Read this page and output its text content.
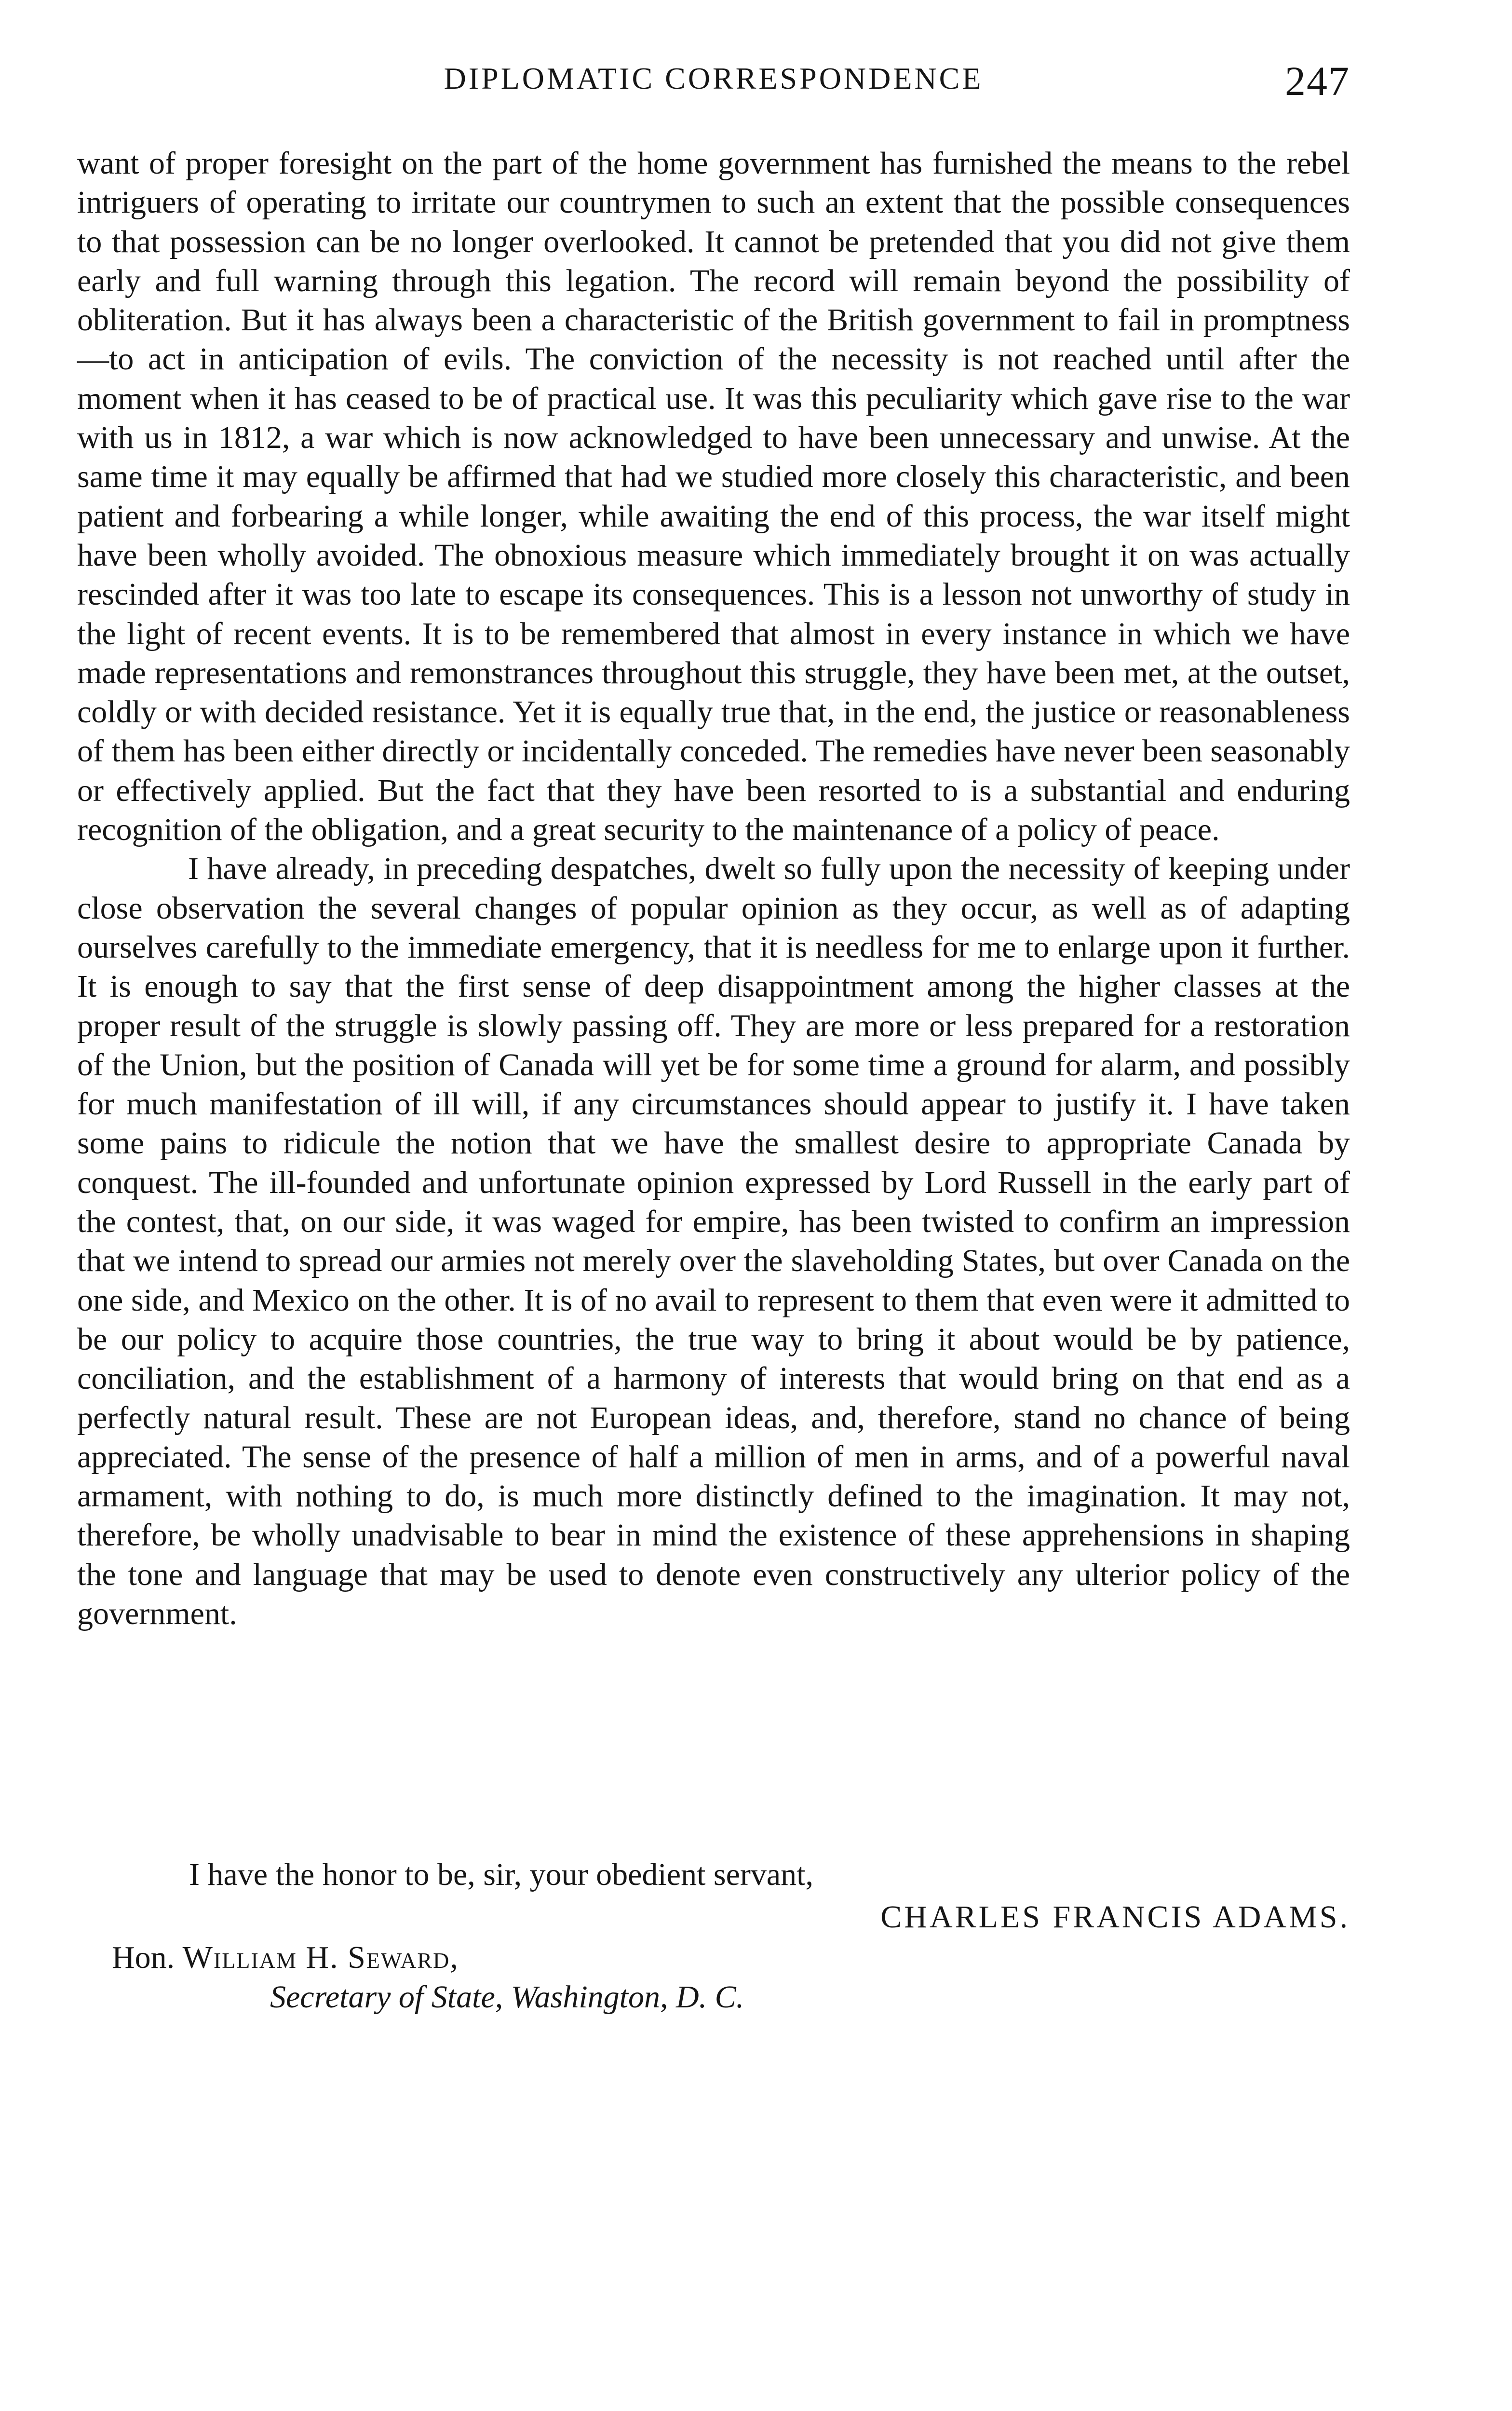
DIPLOMATIC CORRESPONDENCE	247

want of proper foresight on the part of the home government has furnished the means to the rebel intriguers of operating to irritate our countrymen to such an extent that the possible consequences to that possession can be no longer overlooked. It cannot be pretended that you did not give them early and full warning through this legation. The record will remain beyond the possibility of obliteration. But it has always been a characteristic of the British government to fail in promptness—to act in anticipation of evils. The conviction of the necessity is not reached until after the moment when it has ceased to be of practical use. It was this peculiarity which gave rise to the war with us in 1812, a war which is now acknowledged to have been unnecessary and unwise. At the same time it may equally be affirmed that had we studied more closely this characteristic, and been patient and forbearing a while longer, while awaiting the end of this process, the war itself might have been wholly avoided. The obnoxious measure which immediately brought it on was actually rescinded after it was too late to escape its consequences. This is a lesson not unworthy of study in the light of recent events. It is to be remembered that almost in every instance in which we have made representations and remonstrances throughout this struggle, they have been met, at the outset, coldly or with decided resistance. Yet it is equally true that, in the end, the justice or reasonableness of them has been either directly or incidentally conceded. The remedies have never been seasonably or effectively applied. But the fact that they have been resorted to is a substantial and enduring recognition of the obligation, and a great security to the maintenance of a policy of peace.

I have already, in preceding despatches, dwelt so fully upon the necessity of keeping under close observation the several changes of popular opinion as they occur, as well as of adapting ourselves carefully to the immediate emergency, that it is needless for me to enlarge upon it further. It is enough to say that the first sense of deep disappointment among the higher classes at the proper result of the struggle is slowly passing off. They are more or less prepared for a restoration of the Union, but the position of Canada will yet be for some time a ground for alarm, and possibly for much manifestation of ill will, if any circumstances should appear to justify it. I have taken some pains to ridicule the notion that we have the smallest desire to appropriate Canada by conquest. The ill-founded and unfortunate opinion expressed by Lord Russell in the early part of the contest, that, on our side, it was waged for empire, has been twisted to confirm an impression that we intend to spread our armies not merely over the slaveholding States, but over Canada on the one side, and Mexico on the other. It is of no avail to represent to them that even were it admitted to be our policy to acquire those countries, the true way to bring it about would be by patience, conciliation, and the establishment of a harmony of interests that would bring on that end as a perfectly natural result. These are not European ideas, and, therefore, stand no chance of being appreciated. The sense of the presence of half a million of men in arms, and of a powerful naval armament, with nothing to do, is much more distinctly defined to the imagination. It may not, therefore, be wholly unadvisable to bear in mind the existence of these apprehensions in shaping the tone and language that may be used to denote even constructively any ulterior policy of the government.

I have the honor to be, sir, your obedient servant,
CHARLES FRANCIS ADAMS.
Hon. William H. Seward,
Secretary of State, Washington, D. C.
